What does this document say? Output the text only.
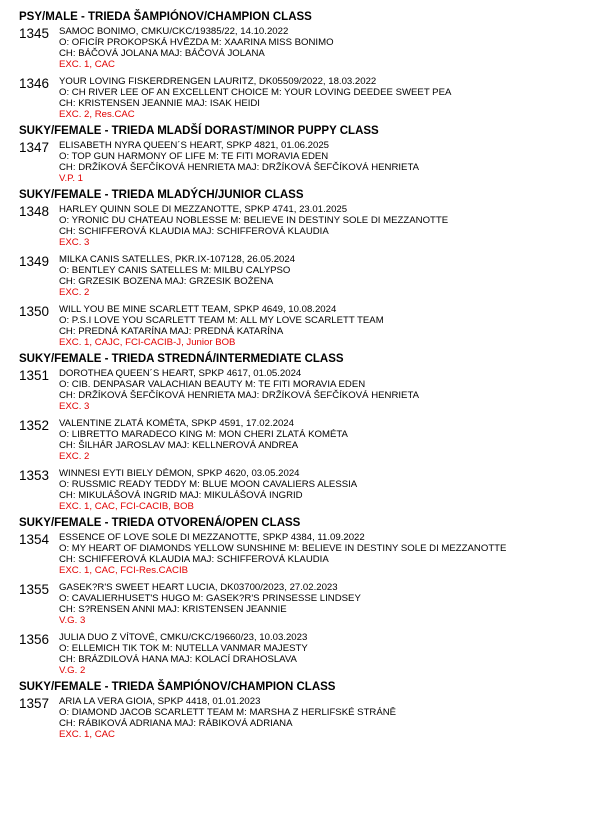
PSY/MALE - TRIEDA ŠAMPIÓNOV/CHAMPION CLASS
1345	SAMOC BONIMO, CMKU/CKC/19385/22, 14.10.2022
O: OFICÍR PROKOPSKÁ HVĚZDA M: XAARINA MISS BONIMO
CH: BÁČOVÁ JOLANA MAJ: BÁČOVÁ JOLANA
EXC. 1, CAC
1346	YOUR LOVING FISKERDRENGEN LAURITZ, DK05509/2022, 18.03.2022
O: CH RIVER LEE OF AN EXCELLENT CHOICE M: YOUR LOVING DEEDEE SWEET PEA
CH: KRISTENSEN JEANNIE MAJ: ISAK HEIDI
EXC. 2, Res.CAC
SUKY/FEMALE - TRIEDA MLADŠÍ DORAST/MINOR PUPPY CLASS
1347	ELISABETH NYRA QUEEN´S HEART, SPKP 4821, 01.06.2025
O: TOP GUN HARMONY OF LIFE M: TE FITI MORAVIA EDEN
CH: DRŽÍKOVÁ ŠEFČÍKOVÁ HENRIETA MAJ: DRŽÍKOVÁ ŠEFČÍKOVÁ HENRIETA
V.P. 1
SUKY/FEMALE - TRIEDA MLADÝCH/JUNIOR CLASS
1348	HARLEY QUINN SOLE DI MEZZANOTTE, SPKP 4741, 23.01.2025
O: YRONIC DU CHATEAU NOBLESSE M: BELIEVE IN DESTINY SOLE DI MEZZANOTTE
CH: SCHIFFEROVÁ KLAUDIA MAJ: SCHIFFEROVÁ KLAUDIA
EXC. 3
1349	MILKA CANIS SATELLES, PKR.IX-107128, 26.05.2024
O: BENTLEY CANIS SATELLES M: MILBU CALYPSO
CH: GRZESIK BOZENA MAJ: GRZESIK BOŻENA
EXC. 2
1350	WILL YOU BE MINE SCARLETT TEAM, SPKP 4649, 10.08.2024
O: P.S.I LOVE YOU SCARLETT TEAM M: ALL MY LOVE SCARLETT TEAM
CH: PREDNÁ KATARÍNA MAJ: PREDNÁ KATARÍNA
EXC. 1, CAJC, FCI-CACIB-J, Junior BOB
SUKY/FEMALE - TRIEDA STREDNÁ/INTERMEDIATE CLASS
1351	DOROTHEA QUEEN´S HEART, SPKP 4617, 01.05.2024
O: CIB. DENPASAR VALACHIAN BEAUTY M: TE FITI MORAVIA EDEN
CH: DRŽÍKOVÁ ŠEFČÍKOVÁ HENRIETA MAJ: DRŽÍKOVÁ ŠEFČÍKOVÁ HENRIETA
EXC. 3
1352	VALENTINE ZLATÁ KOMÉTA, SPKP 4591, 17.02.2024
O: LIBRETTO MARADECO KING M: MON CHERI ZLATÁ KOMÉTA
CH: ŠILHÁR JAROSLAV MAJ: KELLNEROVÁ ANDREA
EXC. 2
1353	WINNESI EYTI BIELY DÉMON, SPKP 4620, 03.05.2024
O: RUSSMIC READY TEDDY M: BLUE MOON CAVALIERS ALESSIA
CH: MIKULÁŠOVÁ INGRID MAJ: MIKULÁŠOVÁ INGRID
EXC. 1, CAC, FCI-CACIB, BOB
SUKY/FEMALE - TRIEDA OTVORENÁ/OPEN CLASS
1354	ESSENCE OF LOVE SOLE DI MEZZANOTTE, SPKP 4384, 11.09.2022
O: MY HEART OF DIAMONDS YELLOW SUNSHINE M: BELIEVE IN DESTINY SOLE DI MEZZANOTTE
CH: SCHIFFEROVÁ KLAUDIA MAJ: SCHIFFEROVÁ KLAUDIA
EXC. 1, CAC, FCI-Res.CACIB
1355	GASEK?R'S SWEET HEART LUCIA, DK03700/2023, 27.02.2023
O: CAVALIERHUSET'S HUGO M: GASEK?R'S PRINSESSE LINDSEY
CH: S?RENSEN ANNI MAJ: KRISTENSEN JEANNIE
V.G. 3
1356	JULIA DUO Z VÍTOVÉ, CMKU/CKC/19660/23, 10.03.2023
O: ELLEMICH TIK TOK M: NUTELLA VANMAR MAJESTY
CH: BRÁZDILOVÁ HANA MAJ: KOLACÍ DRAHOSLAVA
V.G. 2
SUKY/FEMALE - TRIEDA ŠAMPIÓNOV/CHAMPION CLASS
1357	ARIA LA VERA GIOIA, SPKP 4418, 01.01.2023
O: DIAMOND JACOB SCARLETT TEAM M: MARSHA Z HERLIFSKÉ STRÁNĚ
CH: RÁBIKOVÁ ADRIANA MAJ: RÁBIKOVÁ ADRIANA
EXC. 1, CAC
